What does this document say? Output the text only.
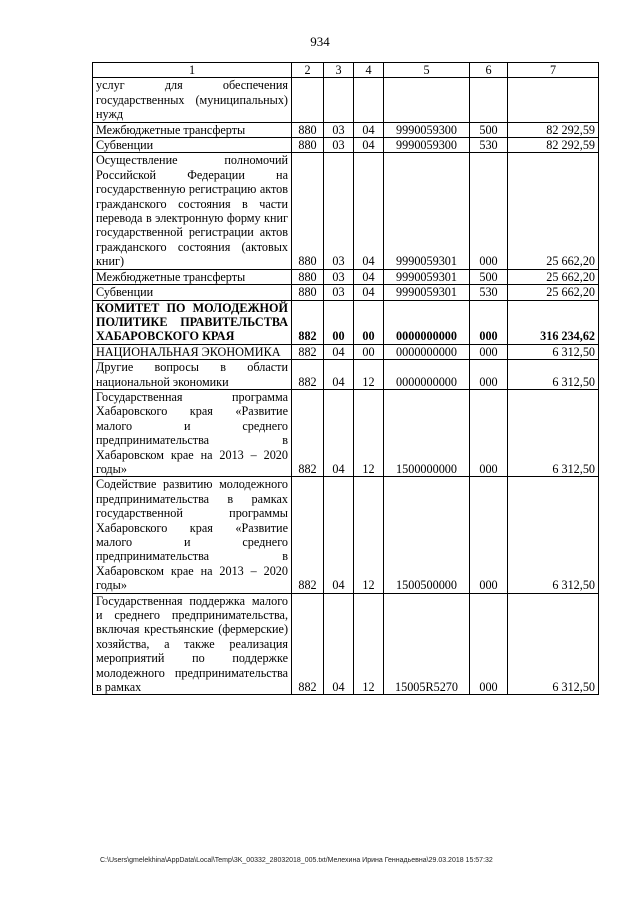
934
1	2	3	4	5	6	7
услуг для обеспечения государственных (муниципальных) нужд						
Межбюджетные трансферты	880	03	04	9990059300	500	82 292,59
Субвенции	880	03	04	9990059300	530	82 292,59
Осуществление полномочий Российской Федерации на государственную регистрацию актов гражданского состояния в части перевода в электронную форму книг государственной регистрации актов гражданского состояния (актовых книг)	880	03	04	9990059301	000	25 662,20
Межбюджетные трансферты	880	03	04	9990059301	500	25 662,20
Субвенции	880	03	04	9990059301	530	25 662,20
КОМИТЕТ ПО МОЛОДЕЖНОЙ ПОЛИТИКЕ ПРАВИТЕЛЬСТВА ХАБАРОВСКОГО КРАЯ	882	00	00	0000000000	000	316 234,62
НАЦИОНАЛЬНАЯ ЭКОНОМИКА	882	04	00	0000000000	000	6 312,50
Другие вопросы в области национальной экономики	882	04	12	0000000000	000	6 312,50
Государственная программа Хабаровского края «Развитие малого и среднего предпринимательства в Хабаровском крае на 2013 – 2020 годы»	882	04	12	1500000000	000	6 312,50
Содействие развитию молодежного предпринимательства в рамках государственной программы Хабаровского края «Развитие малого и среднего предпринимательства в Хабаровском крае на 2013 – 2020 годы»	882	04	12	1500500000	000	6 312,50
Государственная поддержка малого и среднего предпринимательства, включая крестьянские (фермерские) хозяйства, а также реализация мероприятий по поддержке молодежного предпринимательства в рамках	882	04	12	15005R5270	000	6 312,50
C:\Users\gmelekhina\AppData\Local\Temp\3K_00332_28032018_005.txt/Мелехина Ирина Геннадьевна\29.03.2018 15:57:32
